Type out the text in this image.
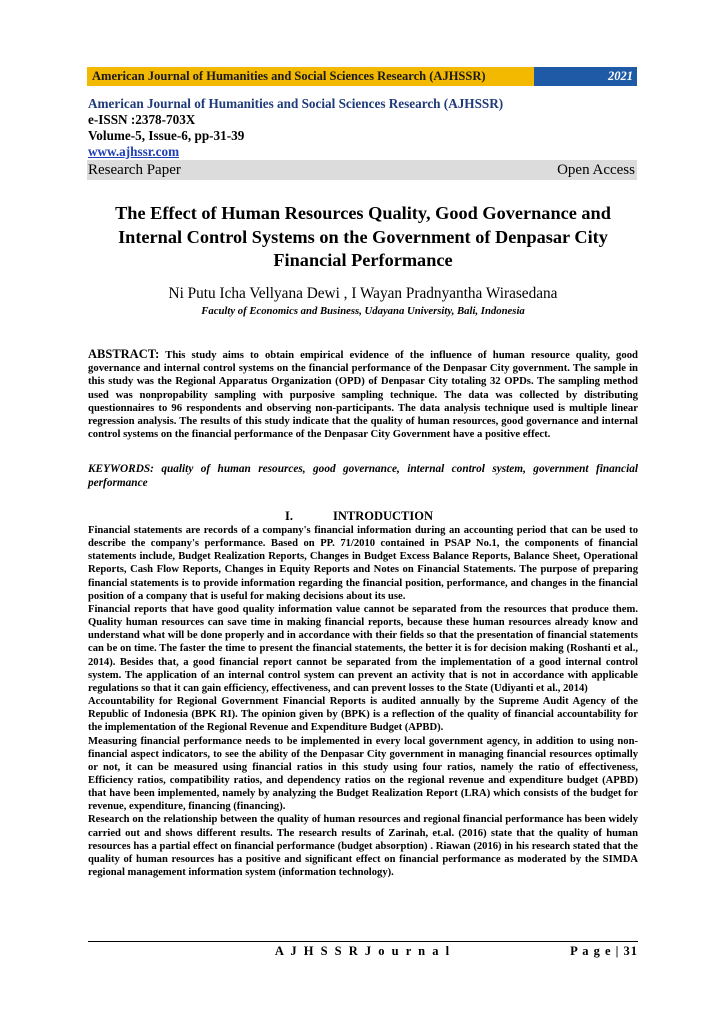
American Journal of Humanities and Social Sciences Research (AJHSSR)	2021
American Journal of Humanities and Social Sciences Research (AJHSSR)
e-ISSN :2378-703X
Volume-5, Issue-6, pp-31-39
www.ajhssr.com
Research Paper	Open Access
The Effect of Human Resources Quality, Good Governance and
Internal Control Systems on the Government of Denpasar City
Financial Performance
Ni Putu Icha Vellyana Dewi , I Wayan Pradnyantha Wirasedana
Faculty of Economics and Business, Udayana University, Bali, Indonesia
ABSTRACT: This study aims to obtain empirical evidence of the influence of human resource quality, good governance and internal control systems on the financial performance of the Denpasar City government. The sample in this study was the Regional Apparatus Organization (OPD) of Denpasar City totaling 32 OPDs. The sampling method used was nonpropability sampling with purposive sampling technique. The data was collected by distributing questionnaires to 96 respondents and observing non-participants. The data analysis technique used is multiple linear regression analysis. The results of this study indicate that the quality of human resources, good governance and internal control systems on the financial performance of the Denpasar City Government have a positive effect.
KEYWORDS: quality of human resources, good governance, internal control system, government financial performance
I.	INTRODUCTION

Financial statements are records of a company's financial information during an accounting period that can be used to describe the company's performance. Based on PP. 71/2010 contained in PSAP No.1, the components of financial statements include, Budget Realization Reports, Changes in Budget Excess Balance Reports, Balance Sheet, Operational Reports, Cash Flow Reports, Changes in Equity Reports and Notes on Financial Statements. The purpose of preparing financial statements is to provide information regarding the financial position, performance, and changes in the financial position of a company that is useful for making decisions about its use.

Financial reports that have good quality information value cannot be separated from the resources that produce them. Quality human resources can save time in making financial reports, because these human resources already know and understand what will be done properly and in accordance with their fields so that the presentation of financial statements can be on time. The faster the time to present the financial statements, the better it is for decision making (Roshanti et al., 2014). Besides that, a good financial report cannot be separated from the implementation of a good internal control system. The application of an internal control system can prevent an activity that is not in accordance with applicable regulations so that it can gain efficiency, effectiveness, and can prevent losses to the State (Udiyanti et al., 2014)

Accountability for Regional Government Financial Reports is audited annually by the Supreme Audit Agency of the Republic of Indonesia (BPK RI). The opinion given by (BPK) is a reflection of the quality of financial accountability for the implementation of the Regional Revenue and Expenditure Budget (APBD).

Measuring financial performance needs to be implemented in every local government agency, in addition to using non-financial aspect indicators, to see the ability of the Denpasar City government in managing financial resources optimally or not, it can be measured using financial ratios in this study using four ratios, namely the ratio of effectiveness, Efficiency ratios, compatibility ratios, and dependency ratios on the regional revenue and expenditure budget (APBD) that have been implemented, namely by analyzing the Budget Realization Report (LRA) which consists of the budget for revenue, expenditure, financing (financing).

Research on the relationship between the quality of human resources and regional financial performance has been widely carried out and shows different results. The research results of Zarinah, et.al. (2016) state that the quality of human resources has a partial effect on financial performance (budget absorption) . Riawan (2016) in his research stated that the quality of human resources has a positive and significant effect on financial performance as moderated by the SIMDA regional management information system (information technology).

A J H S S R J o u r n a l	P a g e | 31
